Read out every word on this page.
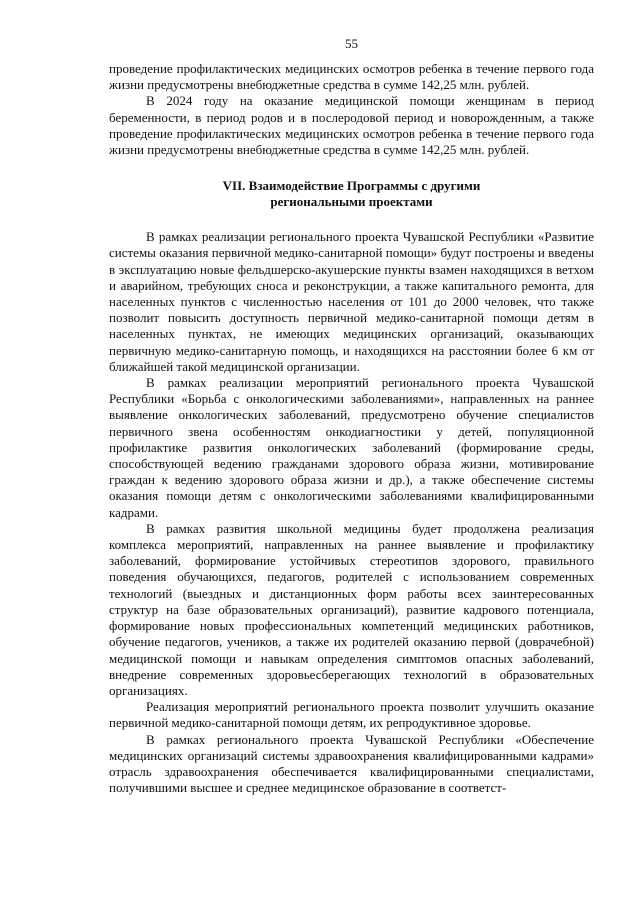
55

проведение профилактических медицинских осмотров ребенка в течение первого года жизни предусмотрены внебюджетные средства в сумме 142,25 млн. рублей.

В 2024 году на оказание медицинской помощи женщинам в период беременности, в период родов и в послеродовой период и новорожденным, а также проведение профилактических медицинских осмотров ребенка в течение первого года жизни предусмотрены внебюджетные средства в сумме 142,25 млн. рублей.

VII. Взаимодействие Программы с другими
региональными проектами

В рамках реализации регионального проекта Чувашской Республики «Развитие системы оказания первичной медико-санитарной помощи» будут построены и введены в эксплуатацию новые фельдшерско-акушерские пункты взамен находящихся в ветхом и аварийном, требующих сноса и реконструкции, а также капитального ремонта, для населенных пунктов с численностью населения от 101 до 2000 человек, что также позволит повысить доступность первичной медико-санитарной помощи детям в населенных пунктах, не имеющих медицинских организаций, оказывающих первичную медико-санитарную помощь, и находящихся на расстоянии более 6 км от ближайшей такой медицинской организации.

В рамках реализации мероприятий регионального проекта Чувашской Республики «Борьба с онкологическими заболеваниями», направленных на раннее выявление онкологических заболеваний, предусмотрено обучение специалистов первичного звена особенностям онкодиагностики у детей, популяционной профилактике развития онкологических заболеваний (формирование среды, способствующей ведению гражданами здорового образа жизни, мотивирование граждан к ведению здорового образа жизни и др.), а также обеспечение системы оказания помощи детям с онкологическими заболеваниями квалифицированными кадрами.

В рамках развития школьной медицины будет продолжена реализация комплекса мероприятий, направленных на раннее выявление и профилактику заболеваний, формирование устойчивых стереотипов здорового, правильного поведения обучающихся, педагогов, родителей с использованием современных технологий (выездных и дистанционных форм работы всех заинтересованных структур на базе образовательных организаций), развитие кадрового потенциала, формирование новых профессиональных компетенций медицинских работников, обучение педагогов, учеников, а также их родителей оказанию первой (доврачебной) медицинской помощи и навыкам определения симптомов опасных заболеваний, внедрение современных здоровьесберегающих технологий в образовательных организациях.

Реализация мероприятий регионального проекта позволит улучшить оказание первичной медико-санитарной помощи детям, их репродуктивное здоровье.

В рамках регионального проекта Чувашской Республики «Обеспечение медицинских организаций системы здравоохранения квалифицированными кадрами» отрасль здравоохранения обеспечивается квалифицированными специалистами, получившими высшее и среднее медицинское образование в соответст-
